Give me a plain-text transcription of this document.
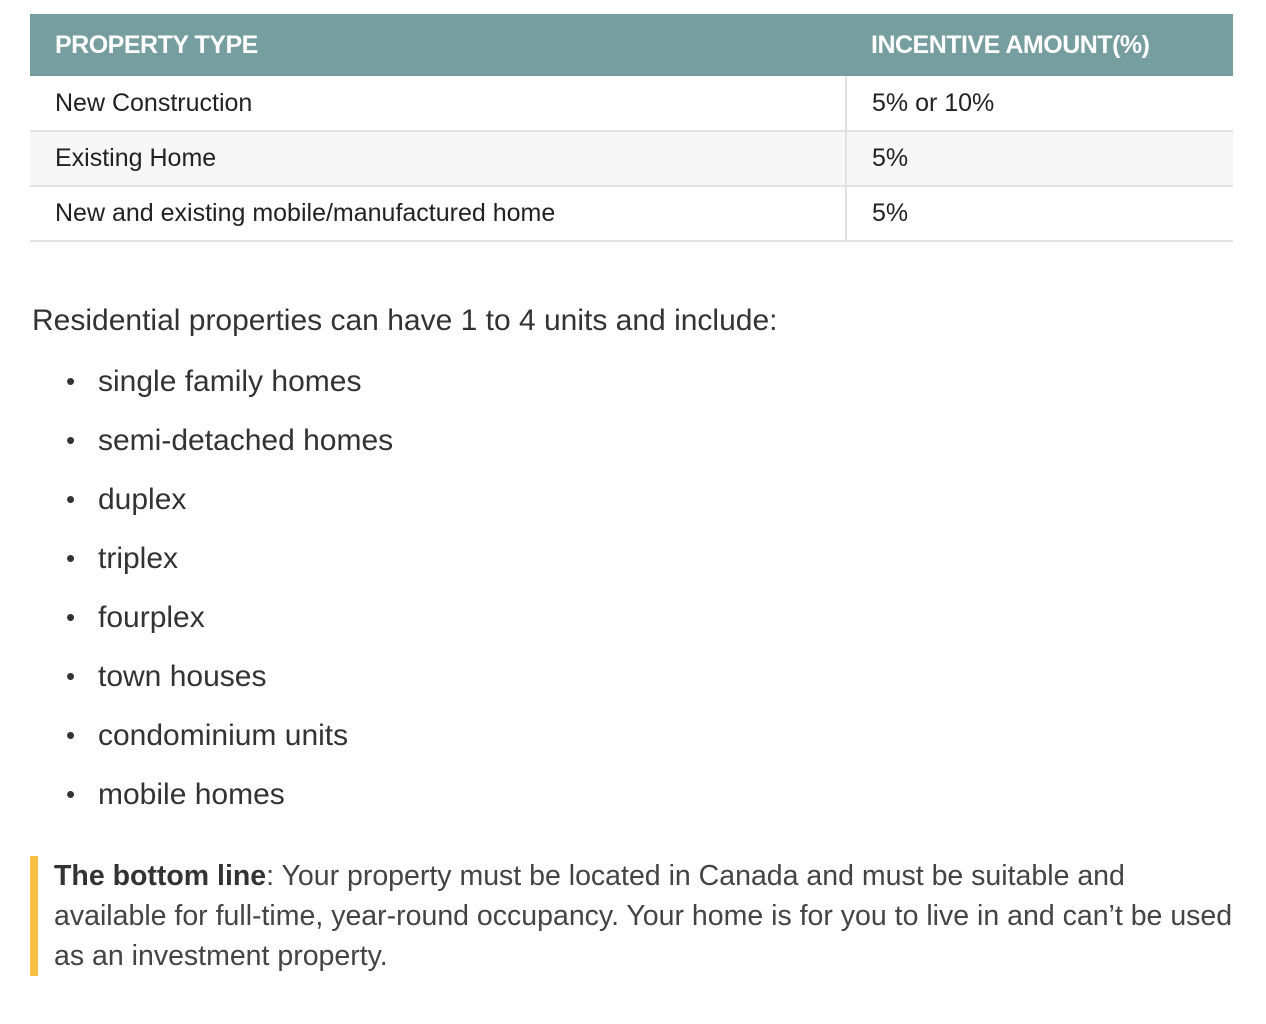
PROPERTY TYPE	INCENTIVE AMOUNT(%)
New Construction	5% or 10%
Existing Home	5%
New and existing mobile/manufactured home	5%

Residential properties can have 1 to 4 units and include:

• single family homes
• semi-detached homes
• duplex
• triplex
• fourplex
• town houses
• condominium units
• mobile homes
The bottom line: Your property must be located in Canada and must be suitable and available for full-time, year-round occupancy. Your home is for you to live in and can’t be used as an investment property.
